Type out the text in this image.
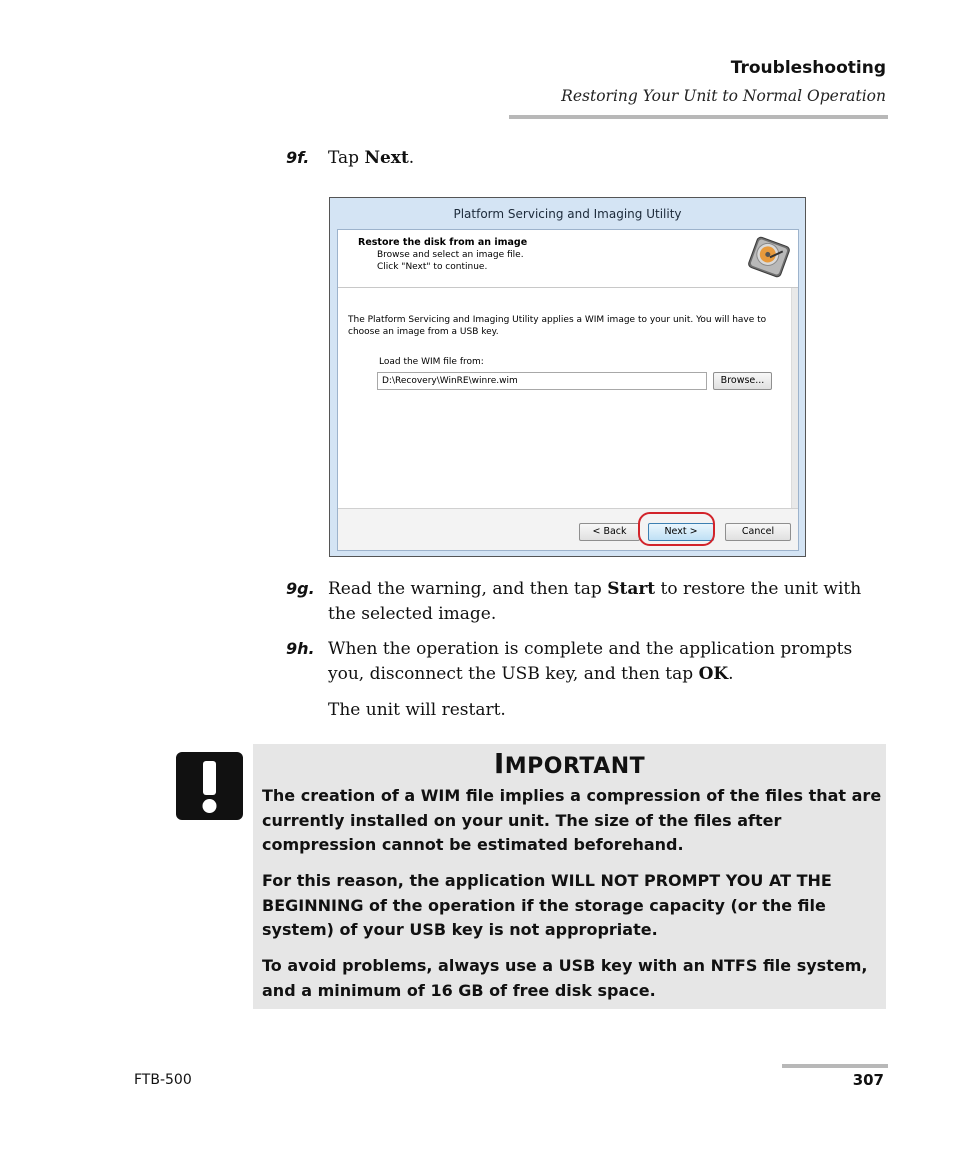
Troubleshooting
Restoring Your Unit to Normal Operation
9f. Tap Next.
Platform Servicing and Imaging Utility
Restore the disk from an image
Browse and select an image file.
Click "Next" to continue.
The Platform Servicing and Imaging Utility applies a WIM image to your unit. You will have to choose an image from a USB key.
Load the WIM file from:
D:\Recovery\WinRE\winre.wim	Browse...
< Back	Next >	Cancel
9g. Read the warning, and then tap Start to restore the unit with the selected image.
9h. When the operation is complete and the application prompts you, disconnect the USB key, and then tap OK.
The unit will restart.
IMPORTANT
The creation of a WIM file implies a compression of the files that are currently installed on your unit. The size of the files after compression cannot be estimated beforehand.
For this reason, the application WILL NOT PROMPT YOU AT THE BEGINNING of the operation if the storage capacity (or the file system) of your USB key is not appropriate.
To avoid problems, always use a USB key with an NTFS file system, and a minimum of 16 GB of free disk space.
FTB-500	307
